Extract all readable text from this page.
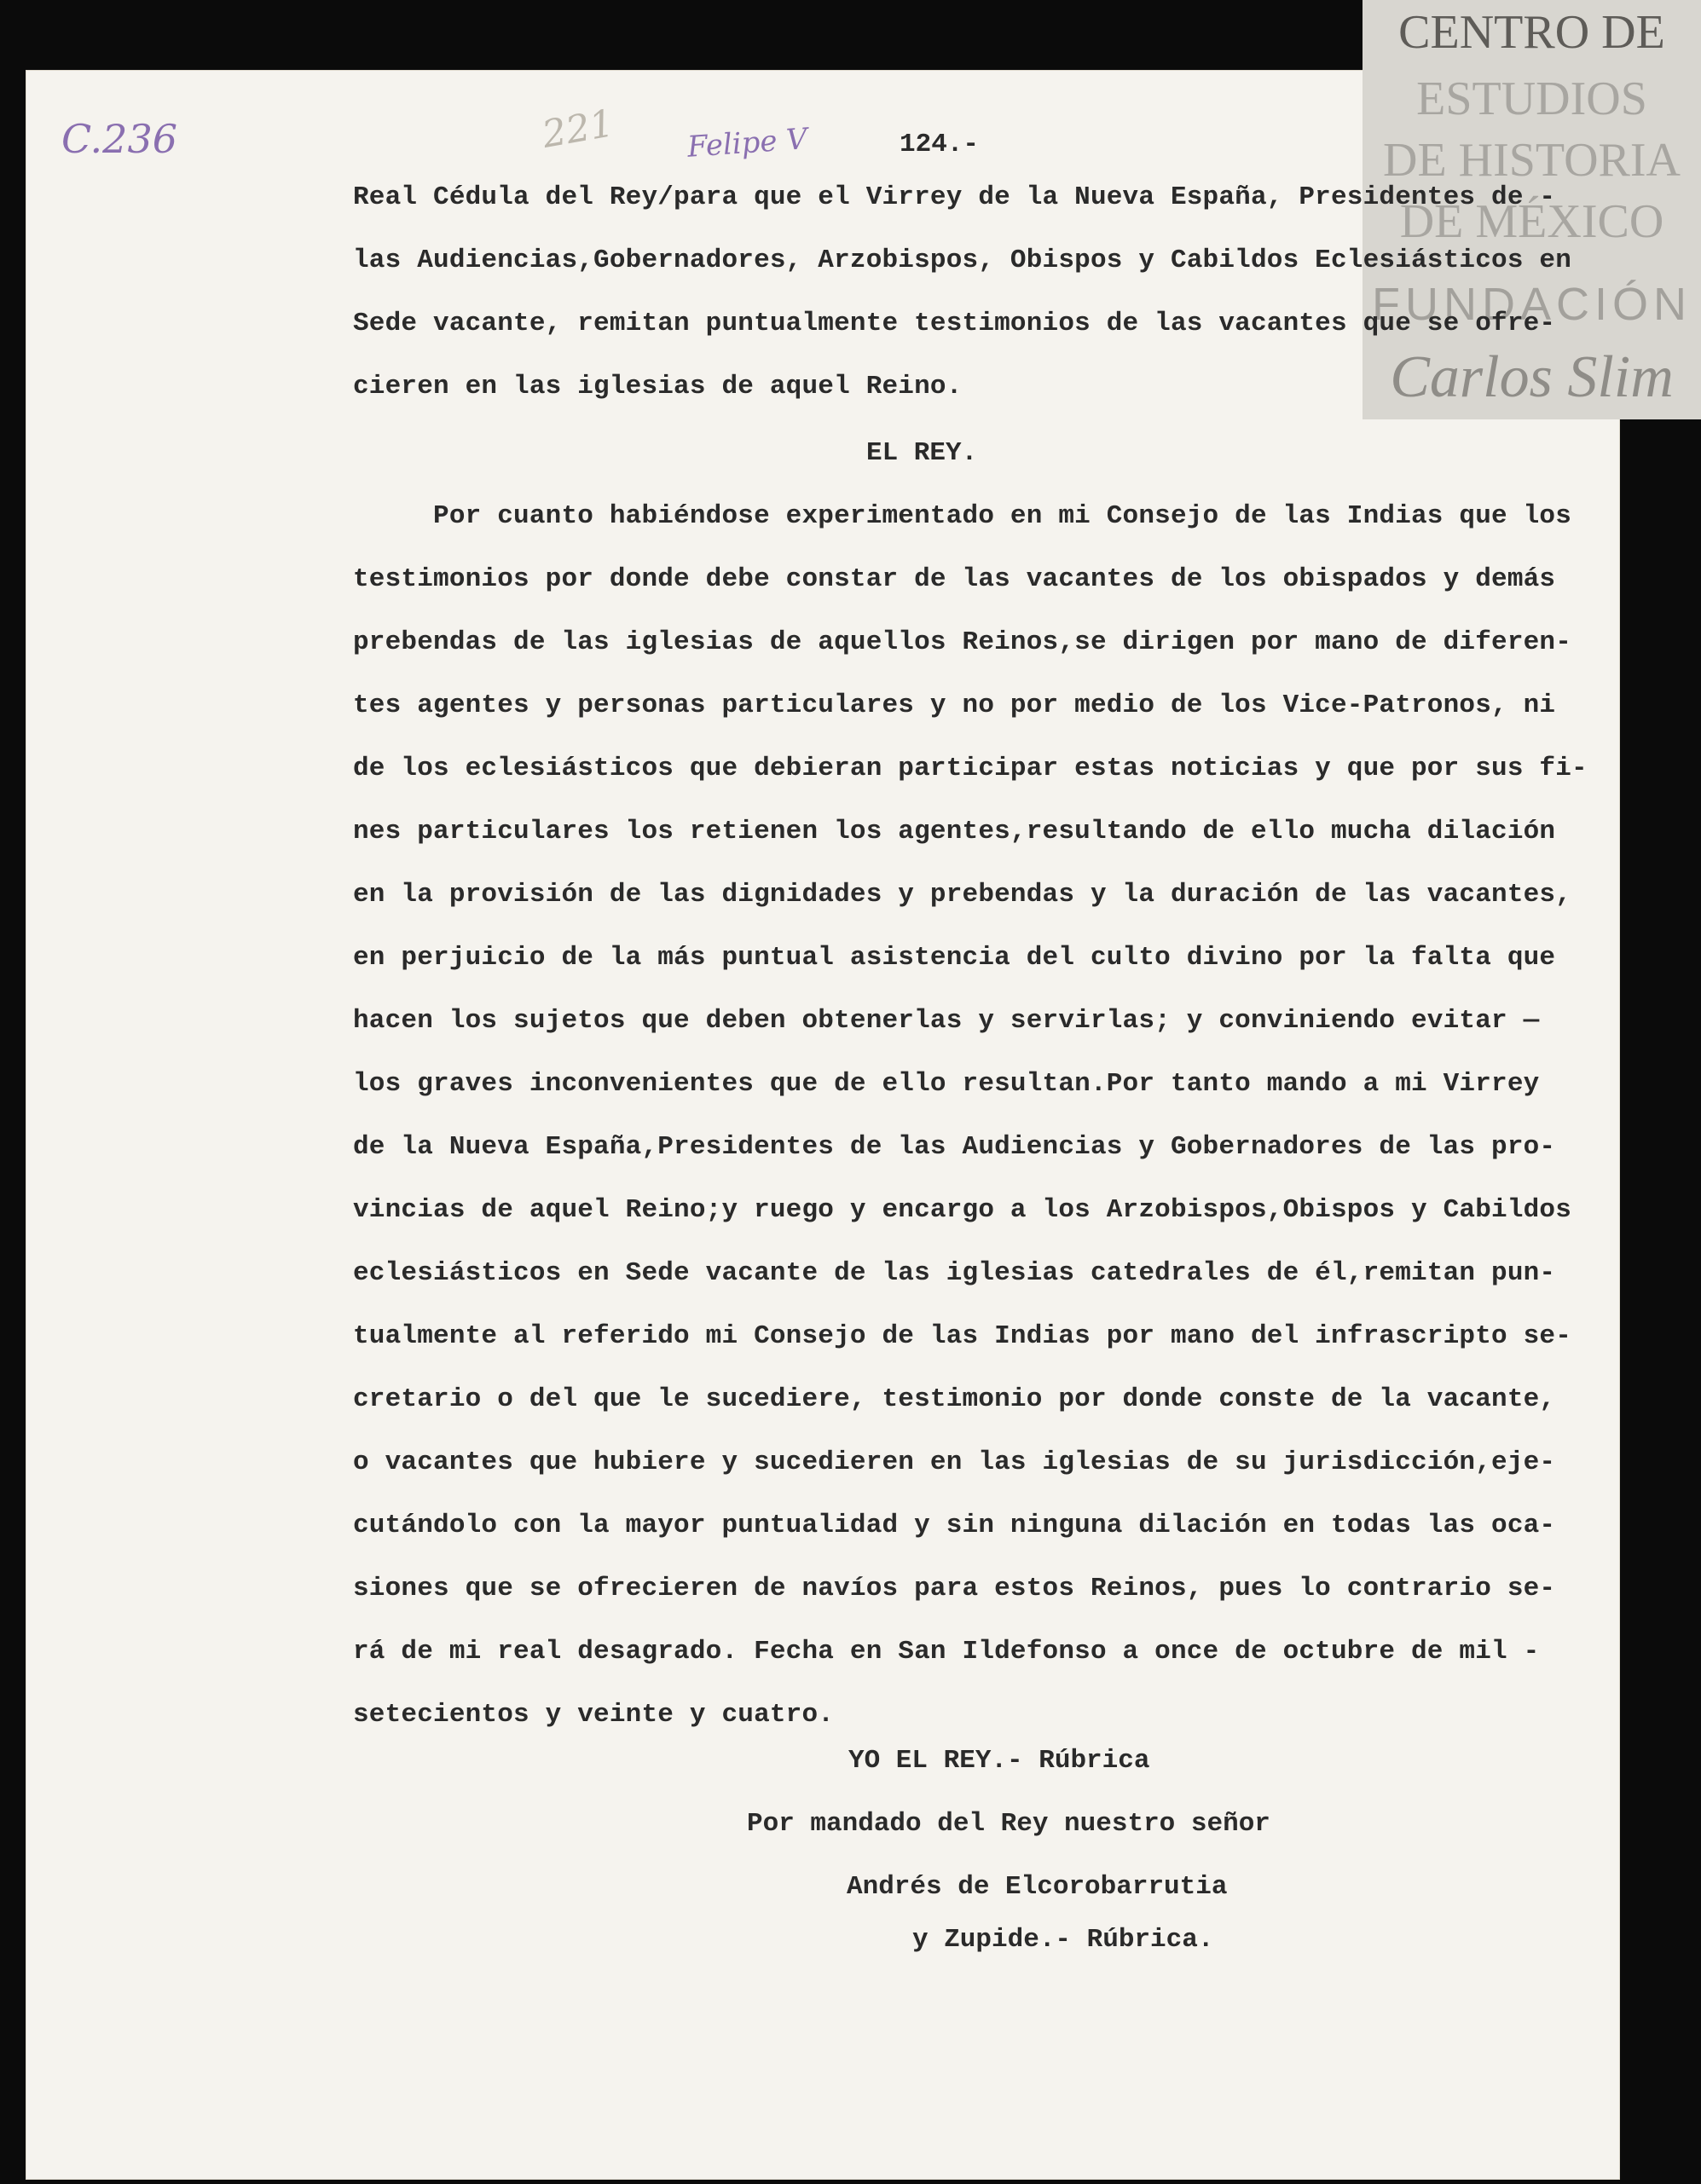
CENTRO DE
ESTUDIOS
DE HISTORIA
DE MÉXICO
FUNDACIÓN
Carlos Slim
C.236	221 Felipe V	124.-
Real Cédula del Rey/para que el Virrey de la Nueva España, Presidentes de -
las Audiencias,Gobernadores, Arzobispos, Obispos y Cabildos Eclesiásticos en
Sede vacante, remitan puntualmente testimonios de las vacantes que se ofre-
cieren en las iglesias de aquel Reino.
EL REY.

Por cuanto habiéndose experimentado en mi Consejo de las Indias que los

testimonios por donde debe constar de las vacantes de los obispados y demás

prebendas de las iglesias de aquellos Reinos,se dirigen por mano de diferen-

tes agentes y personas particulares y no por medio de los Vice-Patronos, ni

de los eclesiásticos que debieran participar estas noticias y que por sus fi-

nes particulares los retienen los agentes,resultando de ello mucha dilación

en la provisión de las dignidades y prebendas y la duración de las vacantes,

en perjuicio de la más puntual asistencia del culto divino por la falta que

hacen los sujetos que deben obtenerlas y servirlas; y conviniendo evitar —

los graves inconvenientes que de ello resultan.Por tanto mando a mi Virrey

de la Nueva España,Presidentes de las Audiencias y Gobernadores de las pro-

vincias de aquel Reino;y ruego y encargo a los Arzobispos,Obispos y Cabildos

eclesiásticos en Sede vacante de las iglesias catedrales de él,remitan pun-

tualmente al referido mi Consejo de las Indias por mano del infrascripto se-

cretario o del que le sucediere, testimonio por donde conste de la vacante,

o vacantes que hubiere y sucedieren en las iglesias de su jurisdicción,eje-

cutándolo con la mayor puntualidad y sin ninguna dilación en todas las oca-

siones que se ofrecieren de navíos para estos Reinos, pues lo contrario se-

rá de mi real desagrado. Fecha en San Ildefonso a once de octubre de mil -

setecientos y veinte y cuatro.

YO EL REY.- Rúbrica
Por mandado del Rey nuestro señor
Andrés de Elcorobarrutia
y Zupide.- Rúbrica.
